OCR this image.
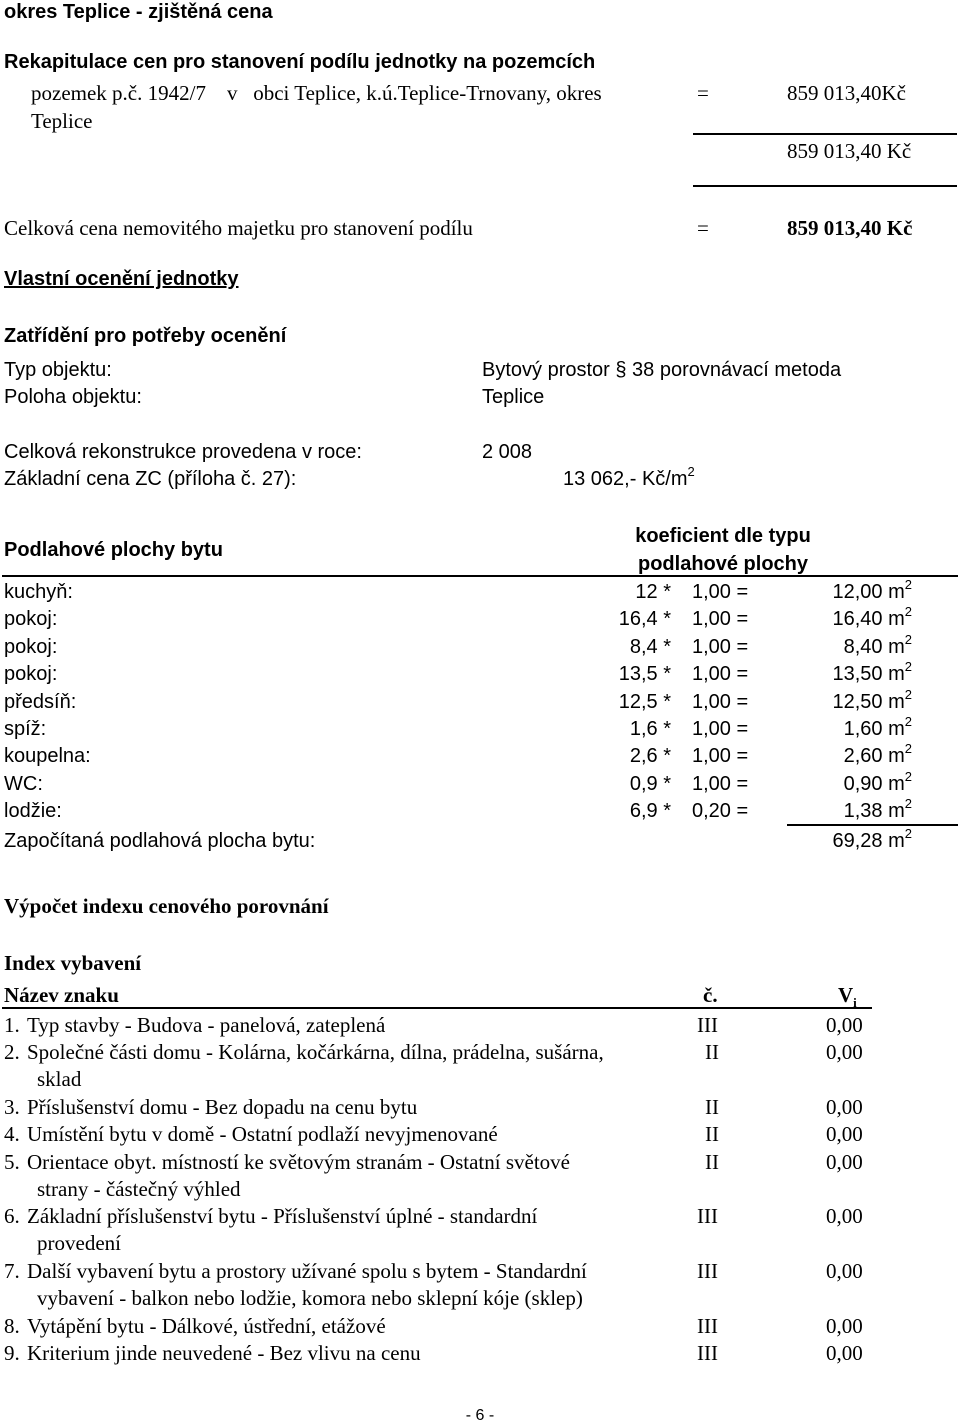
okres Teplice - zjištěná cena
Rekapitulace cen pro stanovení podílu jednotky na pozemcích
pozemek p.č. 1942/7    v   obci Teplice, k.ú.Teplice-Trnovany, okres
Teplice
=	859 013,40Kč
859 013,40 Kč
Celková cena nemovitého majetku pro stanovení podílu	=	859 013,40 Kč
Vlastní ocenění jednotky
Zatřídění pro potřeby ocenění
Typ objektu:	Bytový prostor § 38 porovnávací metoda
Poloha objektu:	Teplice
Celková rekonstrukce provedena v roce:	2 008
Základní cena ZC (příloha č. 27):	13 062,- $Kč/m^2$
Podlahové plochy bytu
koeficient dle typu
podlahové plochy
kuchyň:	12 * 1,00 =	12,00 $m^2$
pokoj:	16,4 * 1,00 =	16,40 $m^2$
pokoj:	8,4 * 1,00 =	8,40 $m^2$
pokoj:	13,5 * 1,00 =	13,50 $m^2$
předsíň:	12,5 * 1,00 =	12,50 $m^2$
spíž:	1,6 * 1,00 =	1,60 $m^2$
koupelna:	2,6 * 1,00 =	2,60 $m^2$
WC:	0,9 * 1,00 =	0,90 $m^2$
lodžie:	6,9 * 0,20 =	1,38 $m^2$
Započítaná podlahová plocha bytu:	69,28 $m^2$
Výpočet indexu cenového porovnání
Index vybavení
Název znaku	č.	$V_i$
1. Typ stavby - Budova - panelová, zateplená	III	0,00
2. Společné části domu - Kolárna, kočárkárna, dílna, prádelna, sušárna,
sklad
II	0,00
3. Příslušenství domu - Bez dopadu na cenu bytu	II	0,00
4. Umístění bytu v domě - Ostatní podlaží nevyjmenované	II	0,00
5. Orientace obyt. místností ke světovým stranám - Ostatní světové
strany - částečný výhled
II	0,00
6. Základní příslušenství bytu - Příslušenství úplné - standardní
provedení
III	0,00
7. Další vybavení bytu a prostory užívané spolu s bytem - Standardní
vybavení - balkon nebo lodžie, komora nebo sklepní kóje (sklep)
III	0,00
8. Vytápění bytu - Dálkové, ústřední, etážové	III	0,00
9. Kriterium jinde neuvedené - Bez vlivu na cenu	III	0,00
- 6 -
